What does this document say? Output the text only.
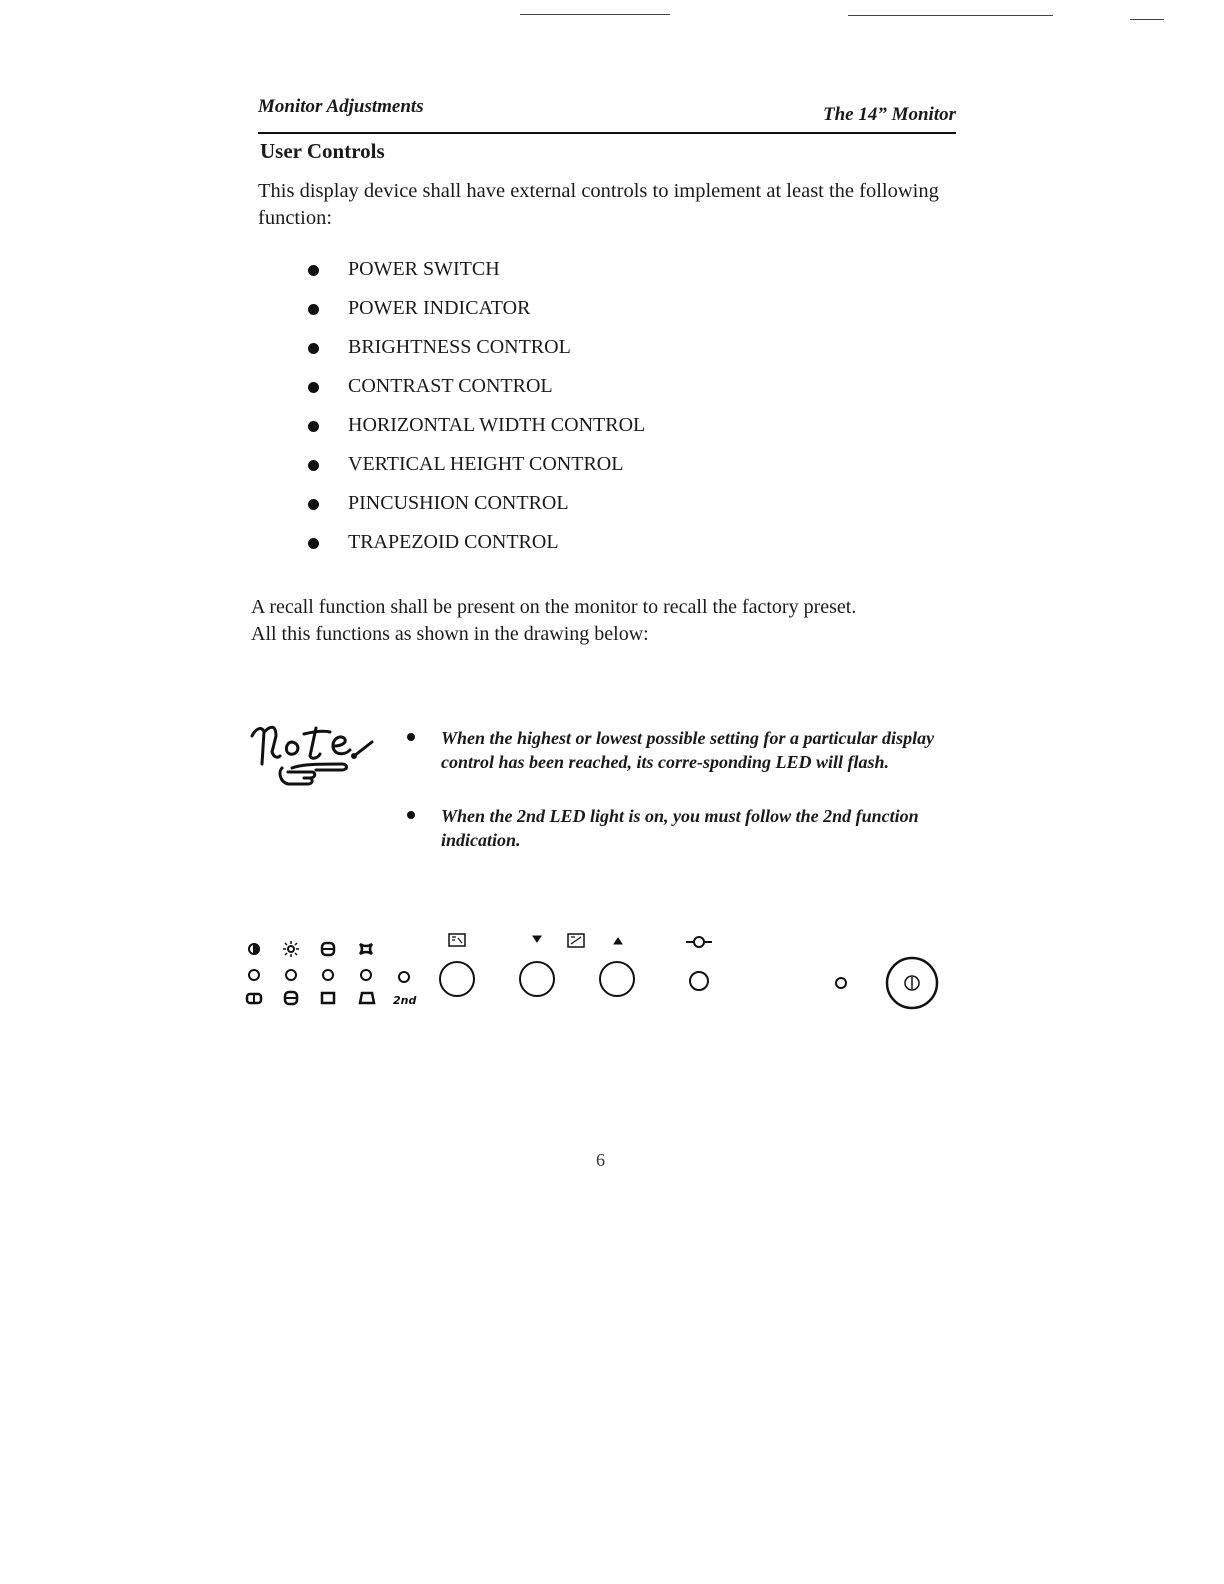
Monitor Adjustments	The 14” Monitor
User Controls
This display device shall have external controls to implement at least the following function:
POWER SWITCH
POWER INDICATOR
BRIGHTNESS CONTROL
CONTRAST CONTROL
HORIZONTAL WIDTH CONTROL
VERTICAL HEIGHT CONTROL
PINCUSHION CONTROL
TRAPEZOID CONTROL

A recall function shall be present on the monitor to recall the factory preset.

All this functions as shown in the drawing below:

When the highest or lowest possible setting for a particular display control has been reached, its corre-sponding LED will flash.
When the 2nd LED light is on, you must follow the 2nd function indication.
2nd
6
